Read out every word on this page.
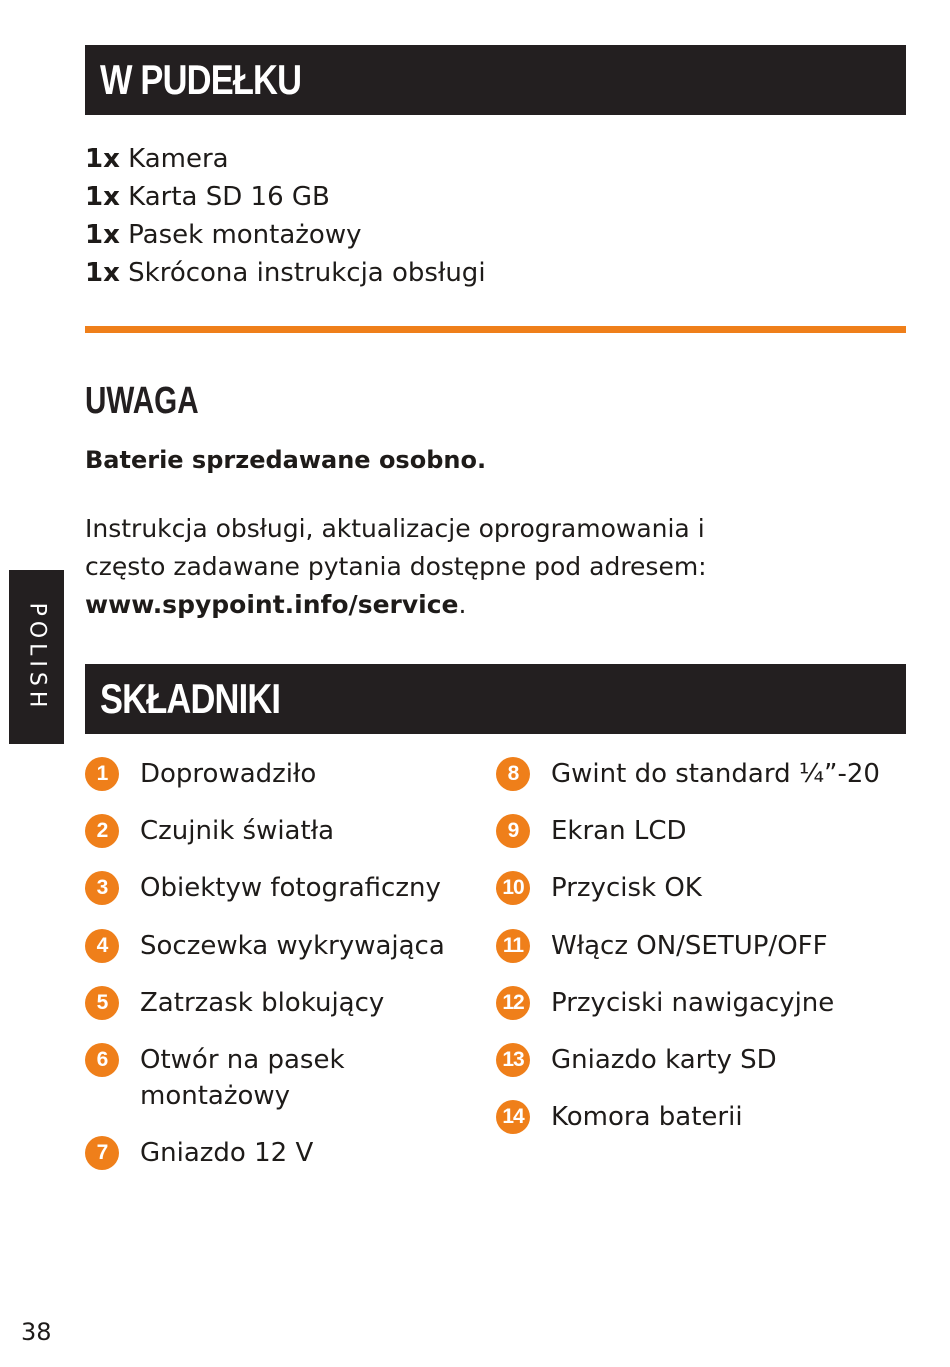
W PUDEŁKU
1x Kamera
1x Karta SD 16 GB
1x Pasek montażowy
1x Skrócona instrukcja obsługi
UWAGA
Baterie sprzedawane osobno.
Instrukcja obsługi, aktualizacje oprogramowania i
często zadawane pytania dostępne pod adresem:
www.spypoint.info/service.
POLISH SKŁADNIKI
1	Doprowadziło
2	Czujnik światła
3	Obiektyw fotograficzny
4	Soczewka wykrywająca
5	Zatrzask blokujący
6	Otwór na pasek montażowy
7	Gniazdo 12 V
8	Gwint do standard ¼”-20
9	Ekran LCD
10 Przycisk OK
11 Włącz ON/SETUP/OFF
12 Przyciski nawigacyjne
13 Gniazdo karty SD
14 Komora baterii
38
